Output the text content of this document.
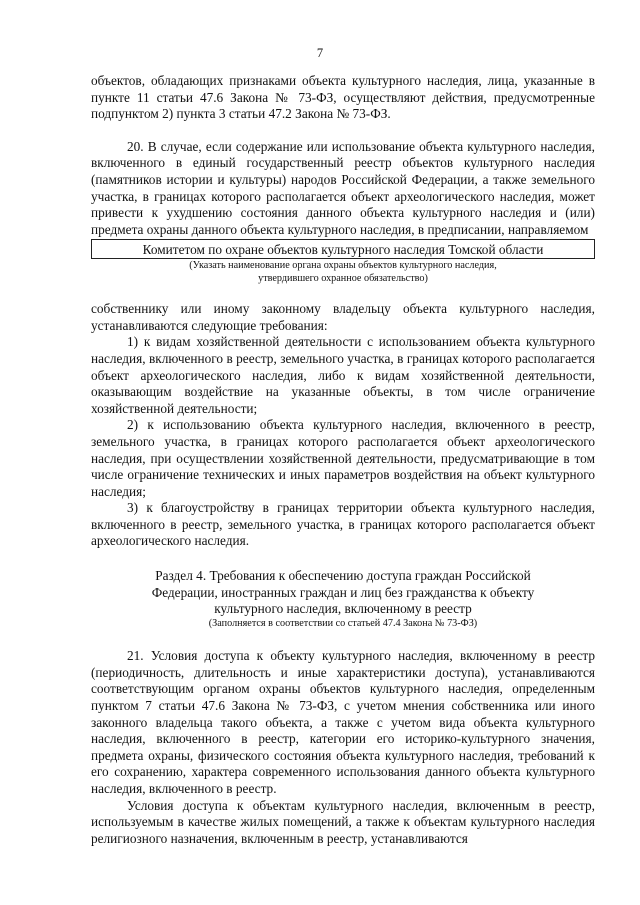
7

объектов, обладающих признаками объекта культурного наследия, лица, указанные в пункте 11 статьи 47.6 Закона № 73-ФЗ, осуществляют действия, предусмотренные подпунктом 2) пункта 3 статьи 47.2 Закона № 73-ФЗ.

20. В случае, если содержание или использование объекта культурного наследия, включенного в единый государственный реестр объектов культурного наследия (памятников истории и культуры) народов Российской Федерации, а также земельного участка, в границах которого располагается объект археологического наследия, может привести к ухудшению состояния данного объекта культурного наследия и (или) предмета охраны данного объекта культурного наследия, в предписании, направляемом

Комитетом по охране объектов культурного наследия Томской области
(Указать наименование органа охраны объектов культурного наследия,
утвердившего охранное обязательство)

собственнику или иному законному владельцу объекта культурного наследия, устанавливаются следующие требования:

1) к видам хозяйственной деятельности с использованием объекта культурного наследия, включенного в реестр, земельного участка, в границах которого располагается объект археологического наследия, либо к видам хозяйственной деятельности, оказывающим воздействие на указанные объекты, в том числе ограничение хозяйственной деятельности;

2) к использованию объекта культурного наследия, включенного в реестр, земельного участка, в границах которого располагается объект археологического наследия, при осуществлении хозяйственной деятельности, предусматривающие в том числе ограничение технических и иных параметров воздействия на объект культурного наследия;

3) к благоустройству в границах территории объекта культурного наследия, включенного в реестр, земельного участка, в границах которого располагается объект археологического наследия.

Раздел 4. Требования к обеспечению доступа граждан Российской
Федерации, иностранных граждан и лиц без гражданства к объекту
культурного наследия, включенному в реестр
(Заполняется в соответствии со статьей 47.4 Закона № 73-ФЗ)

21. Условия доступа к объекту культурного наследия, включенному в реестр (периодичность, длительность и иные характеристики доступа), устанавливаются соответствующим органом охраны объектов культурного наследия, определенным пунктом 7 статьи 47.6 Закона № 73-ФЗ, с учетом мнения собственника или иного законного владельца такого объекта, а также с учетом вида объекта культурного наследия, включенного в реестр, категории его историко-культурного значения, предмета охраны, физического состояния объекта культурного наследия, требований к его сохранению, характера современного использования данного объекта культурного наследия, включенного в реестр.

Условия доступа к объектам культурного наследия, включенным в реестр, используемым в качестве жилых помещений, а также к объектам культурного наследия религиозного назначения, включенным в реестр, устанавливаются
